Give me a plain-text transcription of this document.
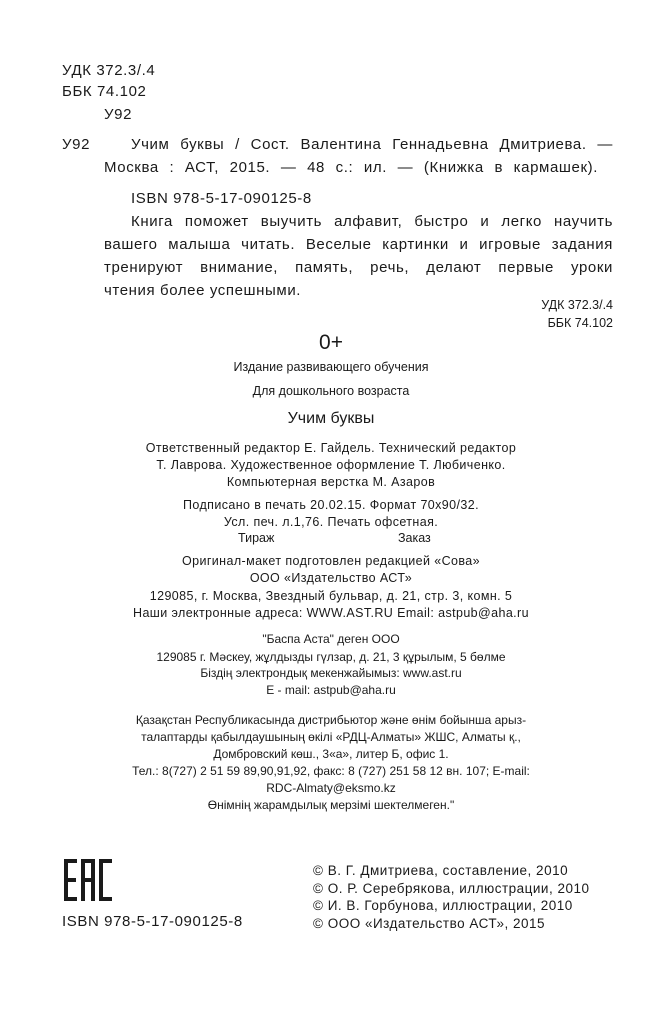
УДК 372.3/.4
ББК 74.102
У92
У92	Учим буквы / Сост. Валентина Геннадьевна Дмитриева. —
Москва : АСТ, 2015. — 48 с.: ил. — (Книжка в кармашек).
ISBN 978-5-17-090125-8
Книга поможет выучить алфавит, быстро и легко научить
вашего малыша читать. Веселые картинки и игровые задания
тренируют внимание, память, речь, делают первые уроки
чтения более успешными.
УДК 372.3/.4
ББК 74.102
0+
Издание развивающего обучения
Для дошкольного возраста
Учим буквы
Ответственный редактор Е. Гайдель. Технический редактор
Т. Лаврова. Художественное оформление Т. Любиченко.
Компьютерная верстка М. Азаров
Подписано в печать 20.02.15. Формат 70x90/32.
Усл. печ. л.1,76. Печать офсетная.
Тираж	Заказ
Оригинал-макет подготовлен редакцией «Сова»
ООО «Издательство АСТ»
129085, г. Москва, Звездный бульвар, д. 21, стр. 3, комн. 5
Наши электронные адреса: WWW.AST.RU Email: astpub@aha.ru
"Баспа Аста" деген ООО
129085 г. Мәскеу, жұлдызды гүлзар, д. 21, 3 құрылым, 5 бөлме
Біздің электрондық мекенжайымыз: www.ast.ru
E - mail: astpub@aha.ru
Қазақстан Республикасында дистрибьютор және өнім бойынша арыз-
талаптарды қабылдаушының өкілі «РДЦ-Алматы» ЖШС, Алматы қ.,
Домбровский көш., 3«а», литер Б, офис 1.
Тел.: 8(727) 2 51 59 89,90,91,92, факс: 8 (727) 251 58 12 вн. 107; E-mail:
RDC-Almaty@eksmo.kz
Өнімнің жарамдылық мерзімі шектелмеген."
ISBN 978-5-17-090125-8
© В. Г. Дмитриева, составление, 2010
© О. Р. Серебрякова, иллюстрации, 2010
© И. В. Горбунова, иллюстрации, 2010
© ООО «Издательство АСТ», 2015
